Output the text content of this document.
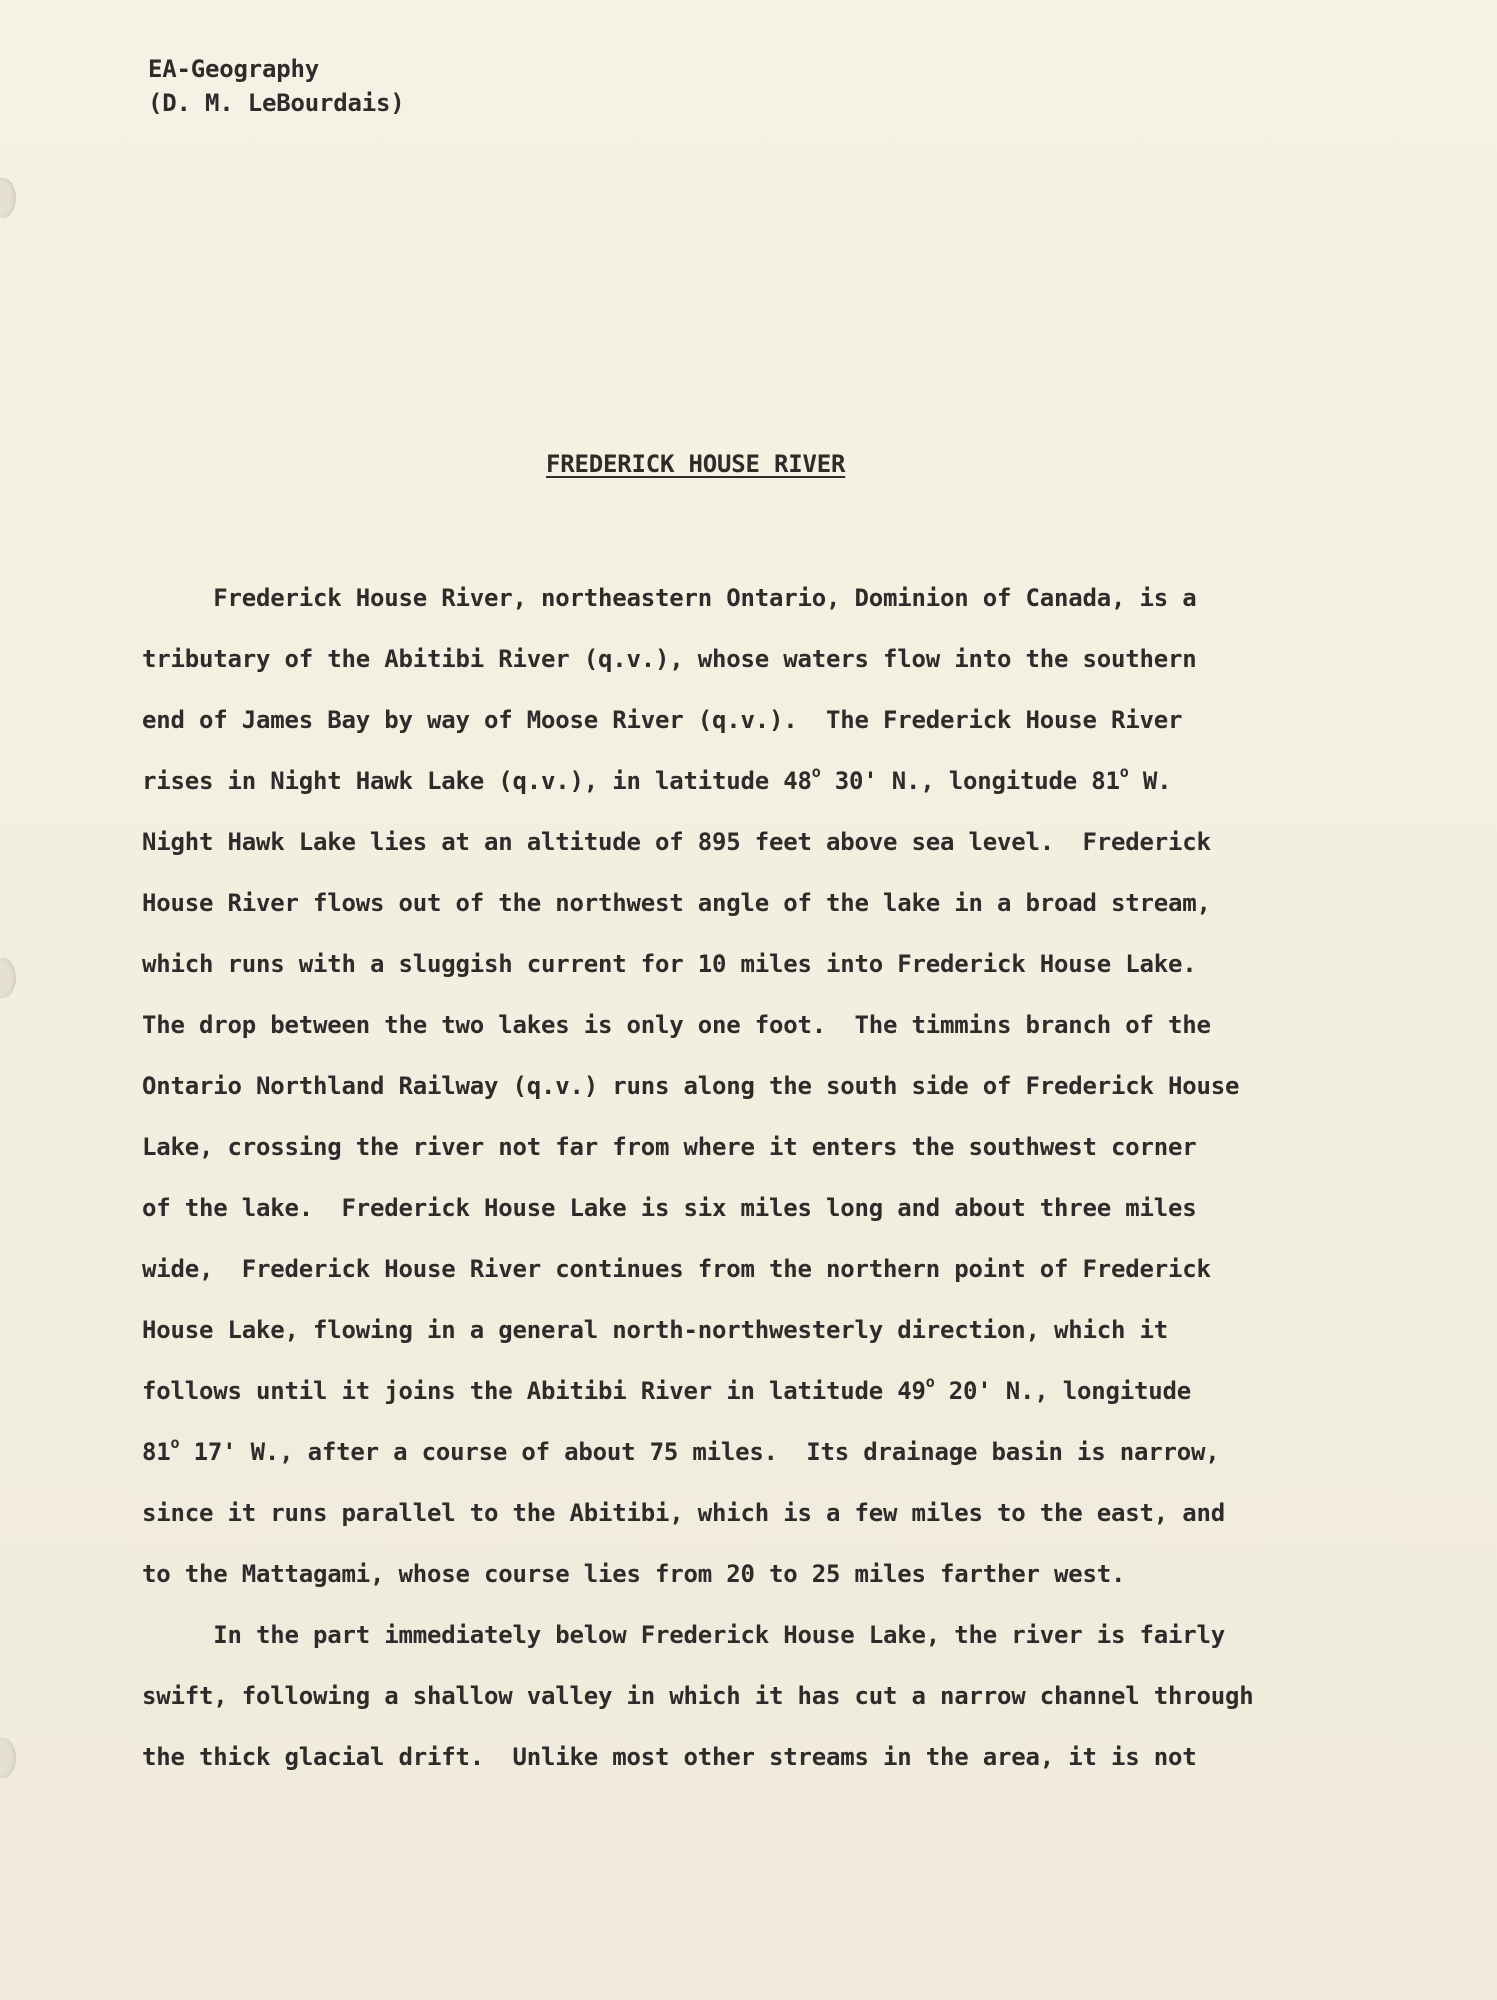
EA-Geography
(D. M. LeBourdais)
FREDERICK HOUSE RIVER
Frederick House River, northeastern Ontario, Dominion of Canada, is a
tributary of the Abitibi River (q.v.), whose waters flow into the southern
end of James Bay by way of Moose River (q.v.).  The Frederick House River
rises in Night Hawk Lake (q.v.), in latitude 48$^o$ 30' N., longitude 81$^o$ W.
Night Hawk Lake lies at an altitude of 895 feet above sea level.  Frederick
House River flows out of the northwest angle of the lake in a broad stream,
which runs with a sluggish current for 10 miles into Frederick House Lake.
The drop between the two lakes is only one foot.  The timmins branch of the
Ontario Northland Railway (q.v.) runs along the south side of Frederick House
Lake, crossing the river not far from where it enters the southwest corner
of the lake.  Frederick House Lake is six miles long and about three miles
wide,  Frederick House River continues from the northern point of Frederick
House Lake, flowing in a general north-northwesterly direction, which it
follows until it joins the Abitibi River in latitude 49$^o$ 20' N., longitude
81$^o$ 17' W., after a course of about 75 miles.  Its drainage basin is narrow,
since it runs parallel to the Abitibi, which is a few miles to the east, and
to the Mattagami, whose course lies from 20 to 25 miles farther west.
In the part immediately below Frederick House Lake, the river is fairly
swift, following a shallow valley in which it has cut a narrow channel through
the thick glacial drift.  Unlike most other streams in the area, it is not
